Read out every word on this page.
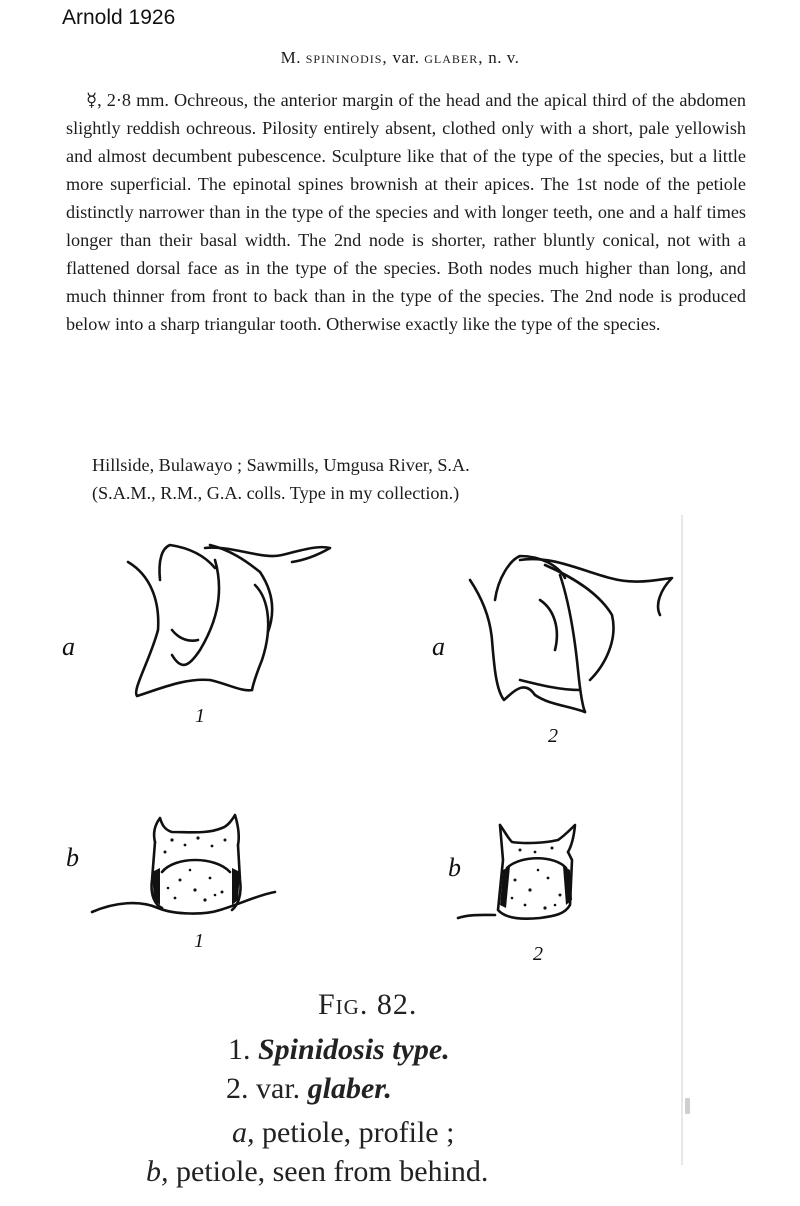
Arnold 1926
M. spininodis, var. glaber, n. v.

☿, 2·8 mm. Ochreous, the anterior margin of the head and the apical third of the abdomen slightly reddish ochreous. Pilosity entirely absent, clothed only with a short, pale yellowish and almost decumbent pubescence. Sculpture like that of the type of the species, but a little more superficial. The epinotal spines brownish at their apices. The 1st node of the petiole distinctly narrower than in the type of the species and with longer teeth, one and a half times longer than their basal width. The 2nd node is shorter, rather bluntly conical, not with a flattened dorsal face as in the type of the species. Both nodes much higher than long, and much thinner from front to back than in the type of the species. The 2nd node is produced below into a sharp triangular tooth. Otherwise exactly like the type of the species.

Hillside, Bulawayo ; Sawmills, Umgusa River, S.A.
(S.A.M., R.M., G.A. colls. Type in my collection.)
a	a
b	b
1
2
1
2
Fig. 82.
1. Spinidosis type.
2. var. glaber.
a, petiole, profile ;
b, petiole, seen from behind.
